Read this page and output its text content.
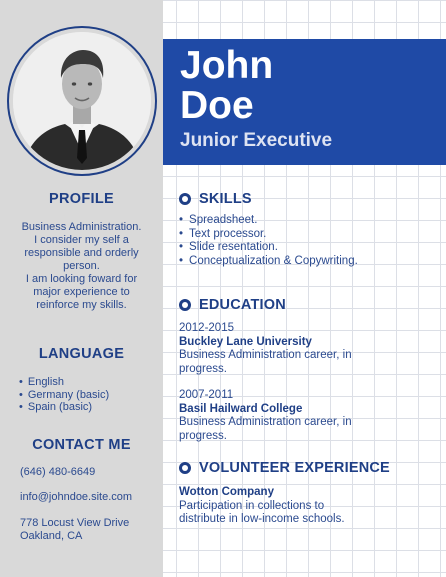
PROFILE
Business Administration.
I consider my self a
responsible and orderly
person.
I am looking foward for
major experience to
reinforce my skills.
LANGUAGE
• English
• Germany (basic)
• Spain (basic)
CONTACT ME
(646) 480-6649
info@johndoe.site.com
778 Locust View Drive
Oakland, CA
John
Doe
Junior Executive
SKILLS
• Spreadsheet.
• Text processor.
• Slide resentation.
• Conceptualization & Copywriting.
EDUCATION
2012-2015
Buckley Lane University
Business Administration career, in
progress.
2007-2011
Basil Hailward College
Business Administration career, in
progress.
VOLUNTEER EXPERIENCE
Wotton Company
Participation in collections to
distribute in low-income schools.
